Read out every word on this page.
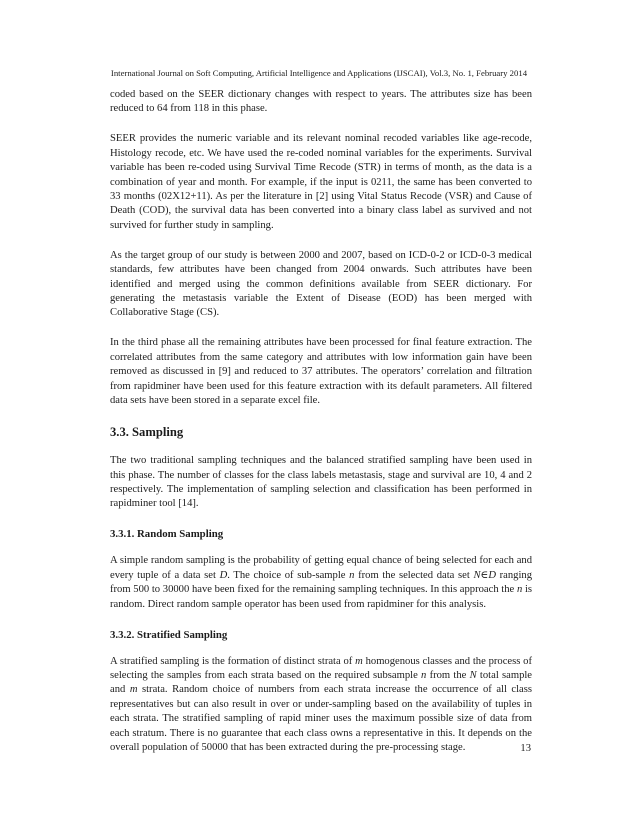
International Journal on Soft Computing, Artificial Intelligence and Applications (IJSCAI), Vol.3, No. 1, February 2014

coded based on the SEER dictionary changes with respect to years. The attributes size has been reduced to 64 from 118 in this phase.

SEER provides the numeric variable and its relevant nominal recoded variables like age-recode, Histology recode, etc. We have used the re-coded nominal variables for the experiments. Survival variable has been re-coded using Survival Time Recode (STR) in terms of month, as the data is a combination of year and month. For example, if the input is 0211, the same has been converted to 33 months (02X12+11). As per the literature in [2] using Vital Status Recode (VSR) and Cause of Death (COD), the survival data has been converted into a binary class label as survived and not survived for further study in sampling.

As the target group of our study is between 2000 and 2007, based on ICD-0-2 or ICD-0-3 medical standards, few attributes have been changed from 2004 onwards. Such attributes have been identified and merged using the common definitions available from SEER dictionary. For generating the metastasis variable the Extent of Disease (EOD) has been merged with Collaborative Stage (CS).

In the third phase all the remaining attributes have been processed for final feature extraction. The correlated attributes from the same category and attributes with low information gain have been removed as discussed in [9] and reduced to 37 attributes. The operators’ correlation and filtration from rapidminer have been used for this feature extraction with its default parameters. All filtered data sets have been stored in a separate excel file.

3.3. Sampling

The two traditional sampling techniques and the balanced stratified sampling have been used in this phase. The number of classes for the class labels metastasis, stage and survival are 10, 4 and 2 respectively. The implementation of sampling selection and classification has been performed in rapidminer tool [14].

3.3.1. Random Sampling

A simple random sampling is the probability of getting equal chance of being selected for each and every tuple of a data set D. The choice of sub-sample n from the selected data set N∈D ranging from 500 to 30000 have been fixed for the remaining sampling techniques. In this approach the n is random. Direct random sample operator has been used from rapidminer for this analysis.

3.3.2. Stratified Sampling

A stratified sampling is the formation of distinct strata of m homogenous classes and the process of selecting the samples from each strata based on the required subsample n from the N total sample and m strata. Random choice of numbers from each strata increase the occurrence of all class representatives but can also result in over or under-sampling based on the availability of tuples in each strata. The stratified sampling of rapid miner uses the maximum possible size of data from each stratum. There is no guarantee that each class owns a representative in this. It depends on the overall population of 50000 that has been extracted during the pre-processing stage.	13
